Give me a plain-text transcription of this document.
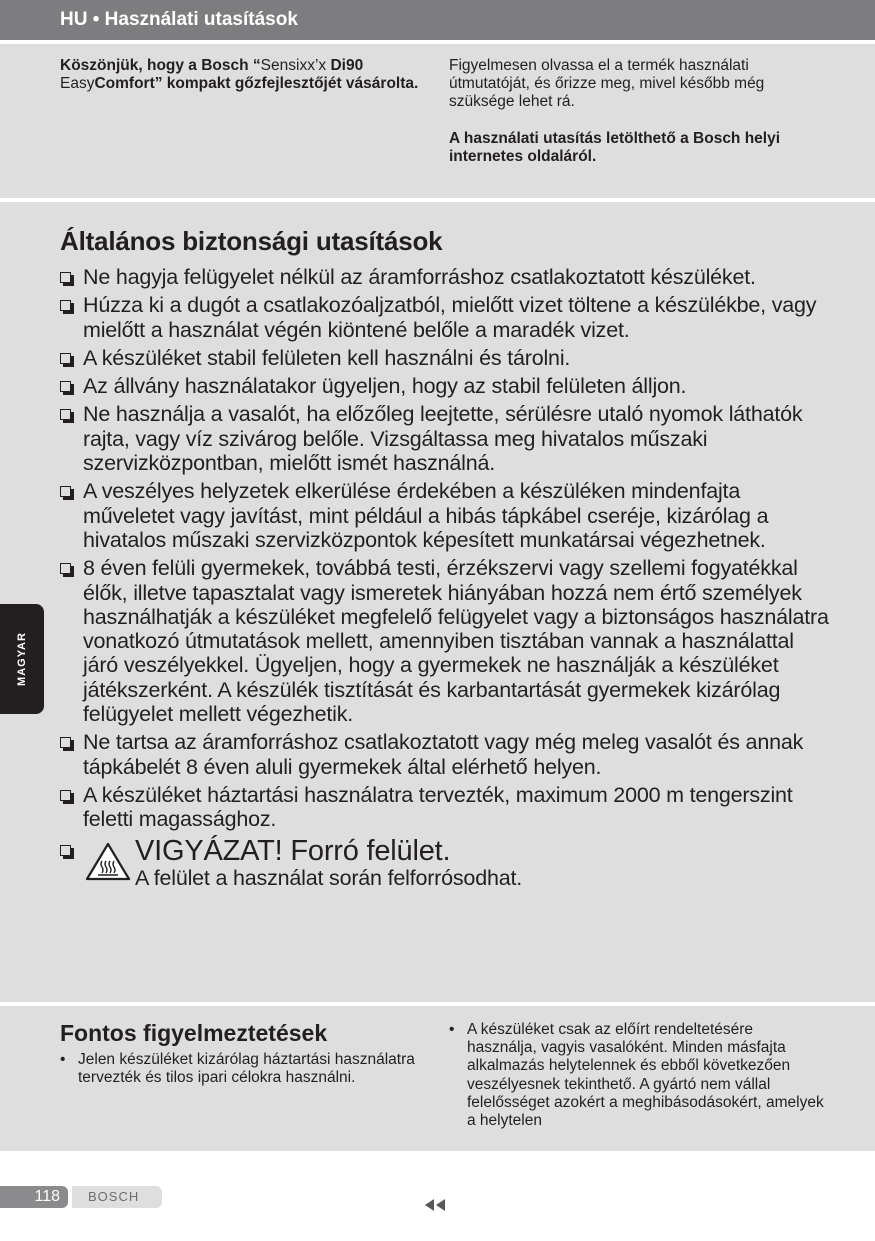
HU • Használati utasítások
Köszönjük, hogy a Bosch “Sensixx’x Di90
EasyComfort” kompakt gőzfejlesztőjét vásárolta.

Figyelmesen olvassa el a termék használati útmutatóját, és őrizze meg, mivel később még szüksége lehet rá.

A használati utasítás letölthető a Bosch helyi internetes oldaláról.

Általános biztonsági utasítások
Ne hagyja felügyelet nélkül az áramforráshoz csatlakoztatott készüléket.
Húzza ki a dugót a csatlakozóaljzatból, mielőtt vizet töltene a készülékbe, vagy mielőtt a használat végén kiöntené belőle a maradék vizet.
A készüléket stabil felületen kell használni és tárolni.
Az állvány használatakor ügyeljen, hogy az stabil felületen álljon.
Ne használja a vasalót, ha előzőleg leejtette, sérülésre utaló nyomok láthatók rajta, vagy víz szivárog belőle. Vizsgáltassa meg hivatalos műszaki szervizközpontban, mielőtt ismét használná.
A veszélyes helyzetek elkerülése érdekében a készüléken mindenfajta műveletet vagy javítást, mint például a hibás tápkábel cseréje, kizárólag a hivatalos műszaki szervizközpontok képesített munkatársai végezhetnek.
8 éven felüli gyermekek, továbbá testi, érzékszervi vagy szellemi fogyatékkal élők, illetve tapasztalat vagy ismeretek hiányában hozzá nem értő személyek használhatják a készüléket megfelelő felügyelet vagy a biztonságos használatra vonatkozó útmutatások mellett, amennyiben tisztában vannak a használattal járó veszélyekkel. Ügyeljen, hogy a gyermekek ne használják a készüléket játékszerként. A készülék tisztítását és karbantartását gyermekek kizárólag felügyelet mellett végezhetik.
Ne tartsa az áramforráshoz csatlakoztatott vagy még meleg vasalót és annak tápkábelét 8 éven aluli gyermekek által elérhető helyen.
A készüléket háztartási használatra tervezték, maximum 2000 m tengerszint feletti magassághoz.
VIGYÁZAT! Forró felület.
A felület a használat során felforrósodhat.
Fontos figyelmeztetések
• Jelen készüléket kizárólag háztartási használatra tervezték és tilos ipari célokra használni.
• A készüléket csak az előírt rendeltetésére használja, vagyis vasalóként. Minden másfajta alkalmazás helytelennek és ebből következően veszélyesnek tekinthető. A gyártó nem vállal felelősséget azokért a meghibásodásokért, amelyek a helytelen
MAGYAR
118	BOSCH
